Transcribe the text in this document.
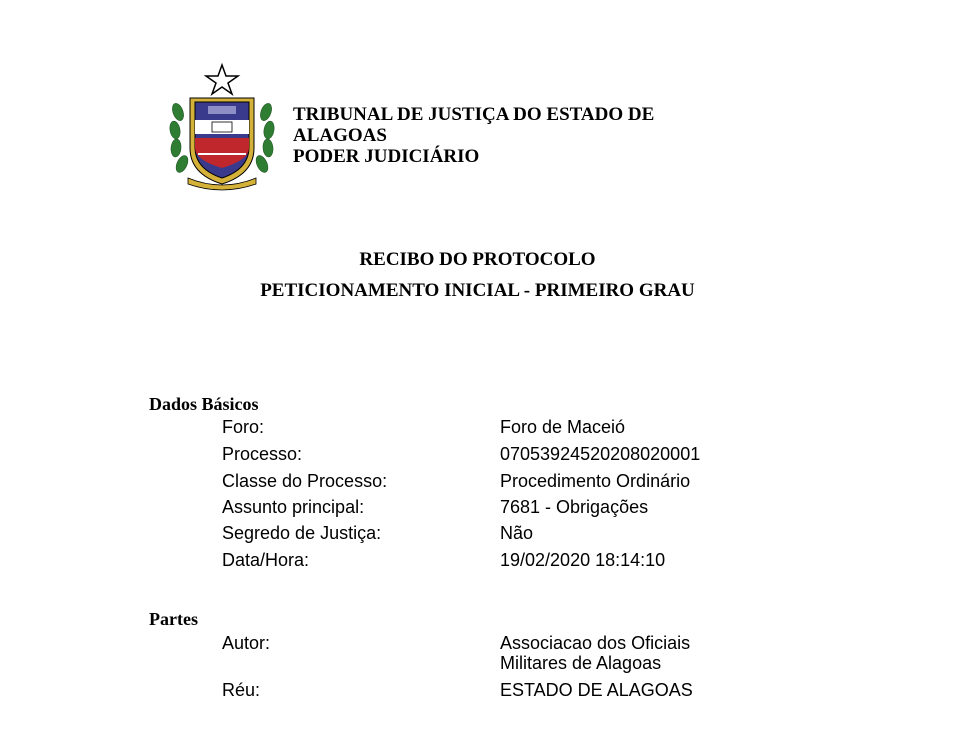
TRIBUNAL DE JUSTIÇA DO ESTADO DE
ALAGOAS
PODER JUDICIÁRIO
RECIBO DO PROTOCOLO
PETICIONAMENTO INICIAL - PRIMEIRO GRAU
Dados Básicos
Foro:	Foro de Maceió
Processo:	07053924520208020001
Classe do Processo:	Procedimento Ordinário
Assunto principal:	7681 - Obrigações
Segredo de Justiça:	Não
Data/Hora:	19/02/2020 18:14:10
Partes
Autor:	Associacao dos Oficiais
Militares de Alagoas
Réu:	ESTADO DE ALAGOAS
